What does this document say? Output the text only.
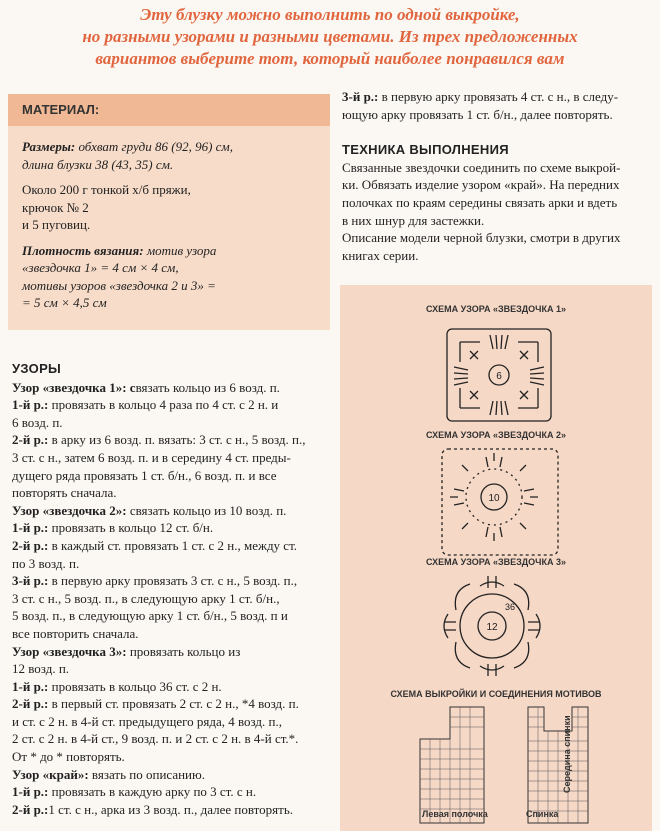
Эту блузку можно выполнить по одной выкройке,
но разными узорами и разными цветами. Из трех предложенных
вариантов выберите тот, который наиболее понравился вам
МАТЕРИАЛ:

Размеры: обхват груди 86 (92, 96) см,
длина блузки 38 (43, 35) см.

Около 200 г тонкой х/б пряжи,
крючок № 2
и 5 пуговиц.

Плотность вязания: мотив узора
«звездочка 1» = 4 см × 4 см,
мотивы узоров «звездочка 2 и 3» =
= 5 см × 4,5 см

УЗОРЫ

Узор «звездочка 1»: связать кольцо из 6 возд. п.

1-й р.: провязать в кольцо 4 раза по 4 ст. с 2 н. и

6 возд. п.

2-й р.: в арку из 6 возд. п. вязать: 3 ст. с н., 5 возд. п.,

3 ст. с н., затем 6 возд. п. и в середину 4 ст. преды-

дущего ряда провязать 1 ст. б/н., 6 возд. п. и все

повторять сначала.

Узор «звездочка 2»: связать кольцо из 10 возд. п.

1-й р.: провязать в кольцо 12 ст. б/н.

2-й р.: в каждый ст. провязать 1 ст. с 2 н., между ст.

по 3 возд. п.

3-й р.: в первую арку провязать 3 ст. с н., 5 возд. п.,

3 ст. с н., 5 возд. п., в следующую арку 1 ст. б/н.,

5 возд. п., в следующую арку 1 ст. б/н., 5 возд. п и

все повторить сначала.

Узор «звездочка 3»: провязать кольцо из

12 возд. п.

1-й р.: провязать в кольцо 36 ст. с 2 н.

2-й р.: в первый ст. провязать 2 ст. с 2 н., *4 возд. п.

и ст. с 2 н. в 4-й ст. предыдущего ряда, 4 возд. п.,

2 ст. с 2 н. в 4-й ст., 9 возд. п. и 2 ст. с 2 н. в 4-й ст.*.

От * до * повторять.

Узор «край»: вязать по описанию.

1-й р.: провязать в каждую арку по 3 ст. с н.

2-й р.:1 ст. с н., арка из 3 возд. п., далее повторять.

3-й р.: в первую арку провязать 4 ст. с н., в следу-
ющую арку провязать 1 ст. б/н., далее повторять.

ТЕХНИКА ВЫПОЛНЕНИЯ

Связанные звездочки соединить по схеме выкрой-
ки. Обвязать изделие узором «край». На передних
полочках по краям середины связать арки и вдеть
в них шнур для застежки.
Описание модели черной блузки, смотри в других
книгах серии.

СХЕМА УЗОРА «ЗВЕЗДОЧКА 1»
6
СХЕМА УЗОРА «ЗВЕЗДОЧКА 2»
10
СХЕМА УЗОРА «ЗВЕЗДОЧКА 3»
12
36
СХЕМА ВЫКРОЙКИ И СОЕДИНЕНИЯ МОТИВОВ
Левая полочка	Спинка
Середина спинки
